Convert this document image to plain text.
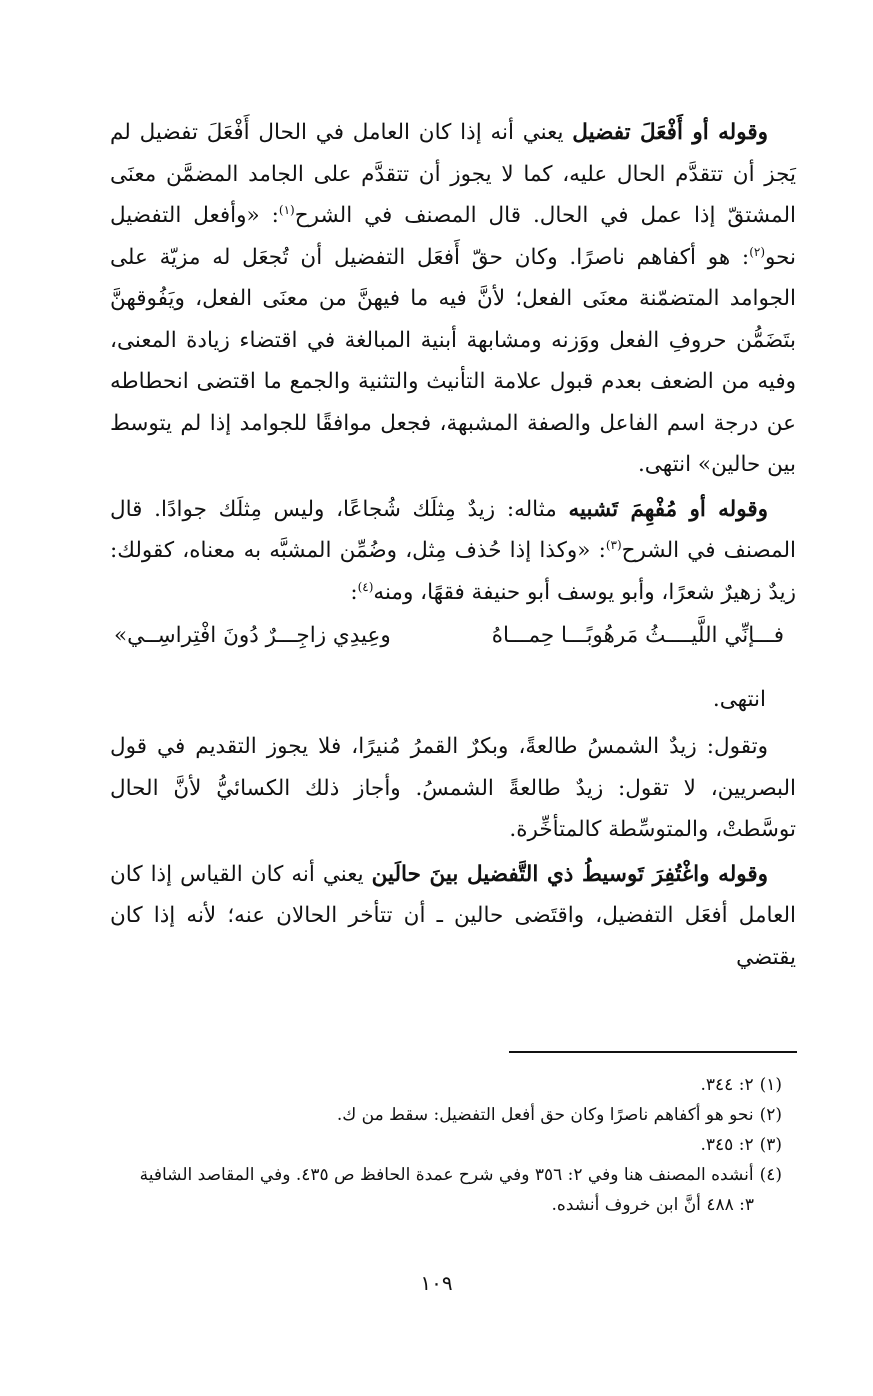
وقوله أو أَفْعَلَ تفضيل يعني أنه إذا كان العامل في الحال أَفْعَلَ تفضيل لم يَجز أن تتقدَّم الحال عليه، كما لا يجوز أن تتقدَّم على الجامد المضمَّن معنَى المشتقّ إذا عمل في الحال. قال المصنف في الشرح$^{(١)}$: «وأفعل التفضيل نحو$^{(٢)}$: هو أكفاهم ناصرًا. وكان حقّ أَفعَل التفضيل أن تُجعَل له مزيّة على الجوامد المتضمّنة معنَى الفعل؛ لأنَّ فيه ما فيهنَّ من معنَى الفعل، ويَفُوقهنَّ بتَضَمُّن حروفِ الفعل ووَزنه ومشابهة أبنية المبالغة في اقتضاء زيادة المعنى، وفيه من الضعف بعدم قبول علامة التأنيث والتثنية والجمع ما اقتضى انحطاطه عن درجة اسم الفاعل والصفة المشبهة، فجعل موافقًا للجوامد إذا لم يتوسط بين حالين» انتهى.

وقوله أو مُفْهِمَ تَشبيه مثاله: زيدٌ مِثلَك شُجاعًا، وليس مِثلَك جوادًا. قال المصنف في الشرح$^{(٣)}$: «وكذا إذا حُذف مِثل، وضُمِّن المشبَّه به معناه، كقولك: زيدٌ زهيرٌ شعرًا، وأبو يوسف أبو حنيفة فقهًا، ومنه$^{(٤)}$:

فـــإنِّي اللَّيــــثُ مَرهُوبًـــا حِمـــاهُ
وعِيدِي زاجِـــرٌ دُونَ افْتِراسِــي»

انتهى.

وتقول: زيدٌ الشمسُ طالعةً، وبكرٌ القمرُ مُنيرًا، فلا يجوز التقديم في قول البصريين، لا تقول: زيدٌ طالعةً الشمسُ. وأجاز ذلك الكسائيُّ لأنَّ الحال توسَّطتْ، والمتوسِّطة كالمتأخِّرة.

وقوله واغْتُفِرَ تَوسيطُ ذي التَّفضيل بينَ حالَين يعني أنه كان القياس إذا كان العامل أفعَل التفضيل، واقتَضى حالين ـ أن تتأخر الحالان عنه؛ لأنه إذا كان يقتضي

(١)٢: ٣٤٤.

(٢)نحو هو أكفاهم ناصرًا وكان حق أفعل التفضيل: سقط من ك.

(٣)٢: ٣٤٥.

(٤)أنشده المصنف هنا وفي ٢: ٣٥٦ وفي شرح عمدة الحافظ ص ٤٣٥. وفي المقاصد الشافية

٣: ٤٨٨ أنَّ ابن خروف أنشده.

١٠٩
